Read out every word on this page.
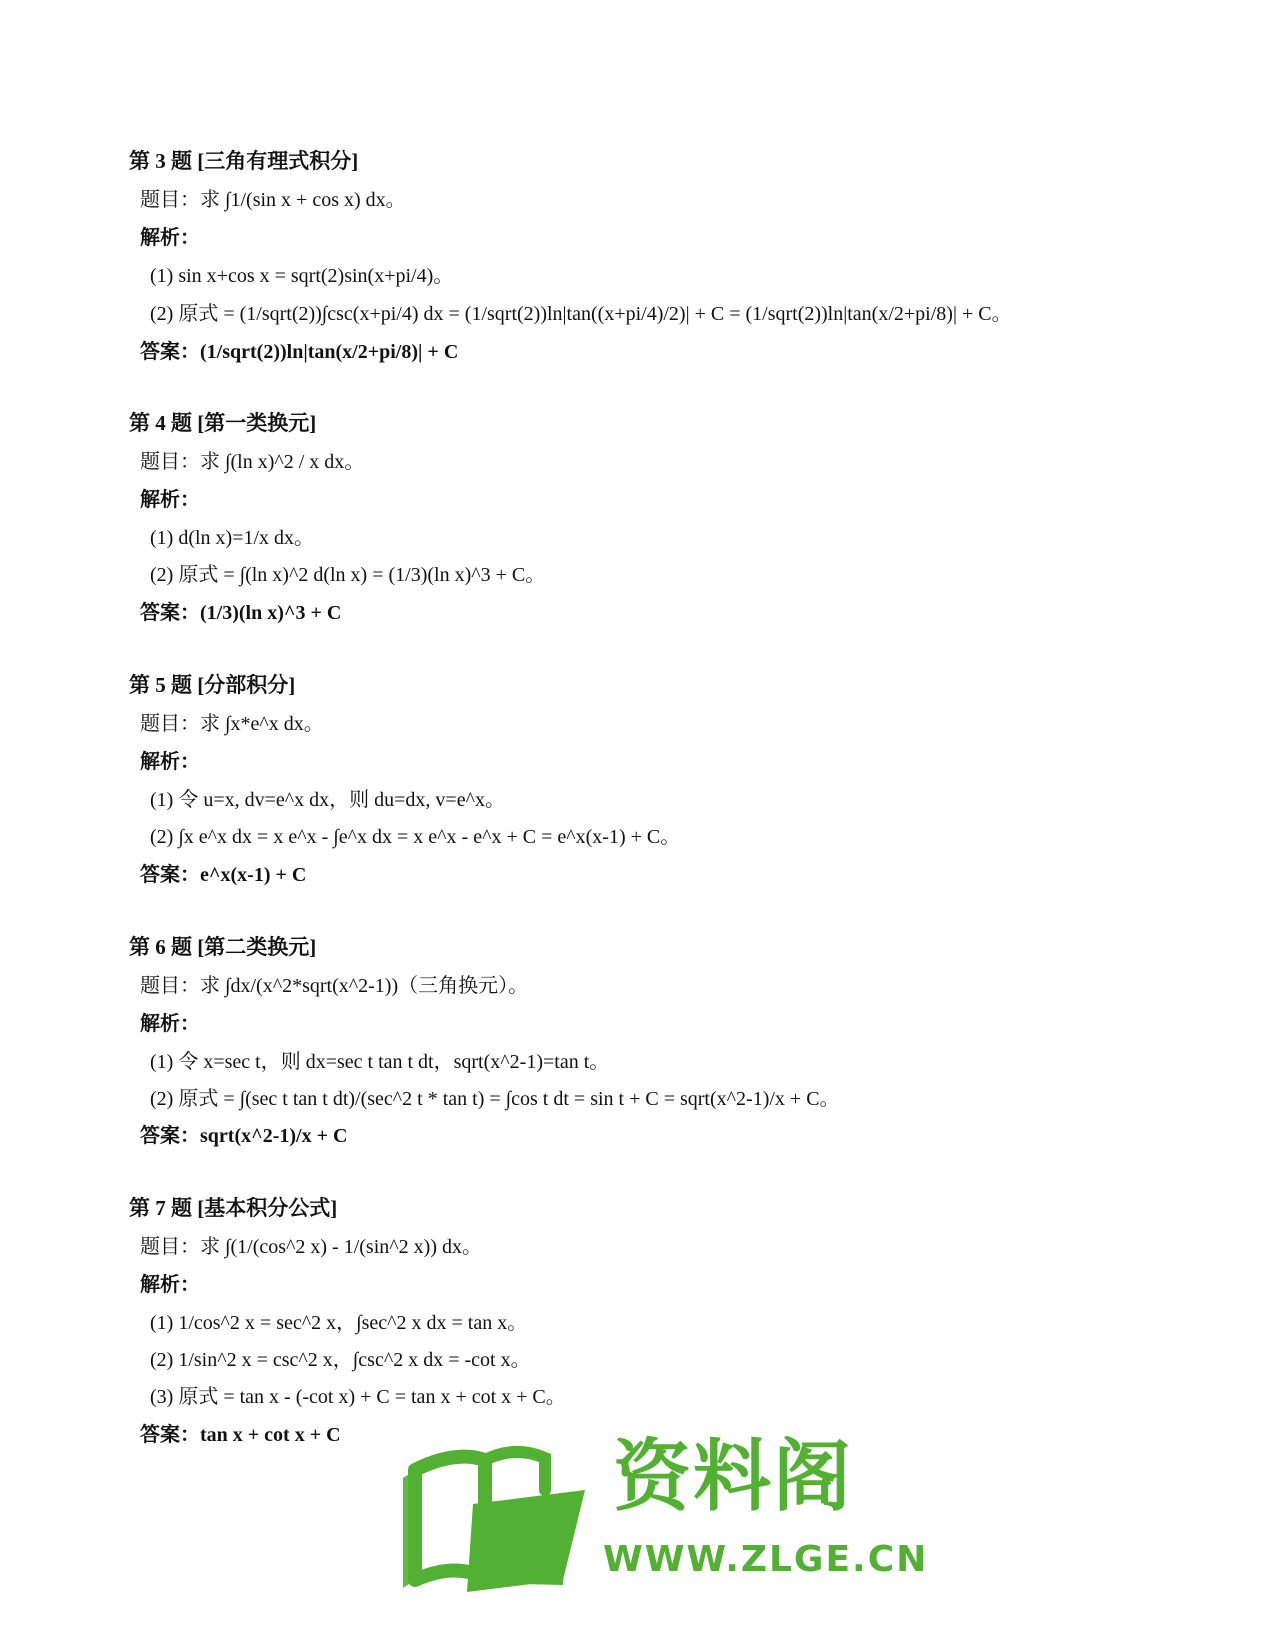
第 3 题 [三角有理式积分]
题目：求 ∫1/(sin x + cos x) dx。
解析：
(1) sin x+cos x = sqrt(2)sin(x+pi/4)。
(2) 原式 = (1/sqrt(2))∫csc(x+pi/4) dx = (1/sqrt(2))ln|tan((x+pi/4)/2)| + C = (1/sqrt(2))ln|tan(x/2+pi/8)| + C。
答案：(1/sqrt(2))ln|tan(x/2+pi/8)| + C
第 4 题 [第一类换元]
题目：求 ∫(ln x)^2 / x dx。
解析：
(1) d(ln x)=1/x dx。
(2) 原式 = ∫(ln x)^2 d(ln x) = (1/3)(ln x)^3 + C。
答案：(1/3)(ln x)^3 + C
第 5 题 [分部积分]
题目：求 ∫x*e^x dx。
解析：
(1) 令 u=x, dv=e^x dx，则 du=dx, v=e^x。
(2) ∫x e^x dx = x e^x - ∫e^x dx = x e^x - e^x + C = e^x(x-1) + C。
答案：e^x(x-1) + C
第 6 题 [第二类换元]
题目：求 ∫dx/(x^2*sqrt(x^2-1))（三角换元）。
解析：
(1) 令 x=sec t，则 dx=sec t tan t dt，sqrt(x^2-1)=tan t。
(2) 原式 = ∫(sec t tan t dt)/(sec^2 t * tan t) = ∫cos t dt = sin t + C = sqrt(x^2-1)/x + C。
答案：sqrt(x^2-1)/x + C
第 7 题 [基本积分公式]
题目：求 ∫(1/(cos^2 x) - 1/(sin^2 x)) dx。
解析：
(1) 1/cos^2 x = sec^2 x，∫sec^2 x dx = tan x。
(2) 1/sin^2 x = csc^2 x，∫csc^2 x dx = -cot x。
(3) 原式 = tan x - (-cot x) + C = tan x + cot x + C。
答案：tan x + cot x + C	资料阁
WWW.ZLGE.CN
